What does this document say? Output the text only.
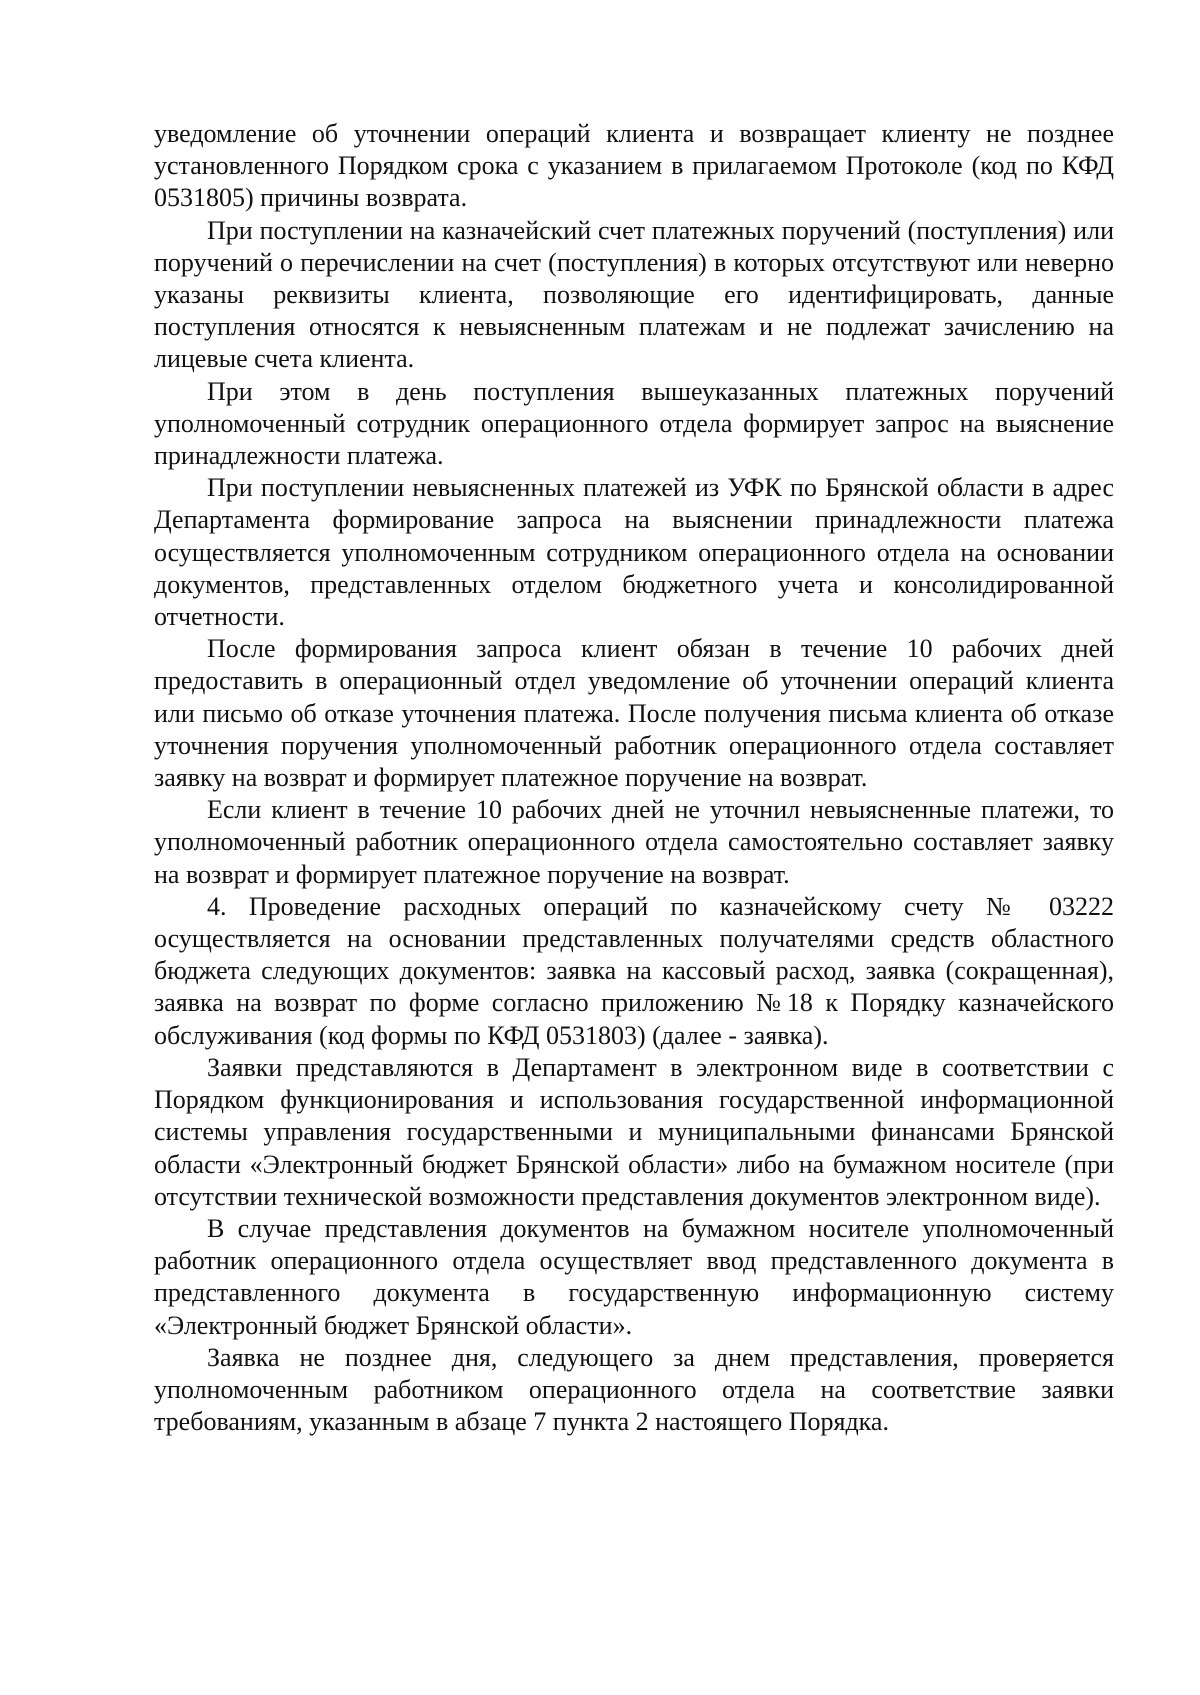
уведомление об уточнении операций клиента и возвращает клиенту не позднее установленного Порядком срока с указанием в прилагаемом Протоколе (код по КФД 0531805) причины возврата.

При поступлении на казначейский счет платежных поручений (поступления) или поручений о перечислении на счет (поступления) в которых отсутствуют или неверно указаны реквизиты клиента, позволяющие его идентифицировать, данные поступления относятся к невыясненным платежам и не подлежат зачислению на лицевые счета клиента.

При этом в день поступления вышеуказанных платежных поручений уполномоченный сотрудник операционного отдела формирует запрос на выяснение принадлежности платежа.

При поступлении невыясненных платежей из УФК по Брянской области в адрес Департамента формирование запроса на выяснении принадлежности платежа осуществляется уполномоченным сотрудником операционного отдела на основании документов, представленных отделом бюджетного учета и консолидированной отчетности.

После формирования запроса клиент обязан в течение 10 рабочих дней предоставить в операционный отдел уведомление об уточнении операций клиента или письмо об отказе уточнения платежа. После получения письма клиента об отказе уточнения поручения уполномоченный работник операционного отдела составляет заявку на возврат и формирует платежное поручение на возврат.

Если клиент в течение 10 рабочих дней не уточнил невыясненные платежи, то уполномоченный работник операционного отдела самостоятельно составляет заявку на возврат и формирует платежное поручение на возврат.

4. Проведение расходных операций по казначейскому счету № 03222 осуществляется на основании представленных получателями средств областного бюджета следующих документов: заявка на кассовый расход, заявка (сокращенная), заявка на возврат по форме согласно приложению №18 к Порядку казначейского обслуживания (код формы по КФД 0531803) (далее - заявка).

Заявки представляются в Департамент в электронном виде в соответствии с Порядком функционирования и использования государственной информационной системы управления государственными и муниципальными финансами Брянской области «Электронный бюджет Брянской области» либо на бумажном носителе (при отсутствии технической возможности представления документов электронном виде).

В случае представления документов на бумажном носителе уполномоченный работник операционного отдела осуществляет ввод представленного документа в представленного документа в государственную информационную систему «Электронный бюджет Брянской области».

Заявка не позднее дня, следующего за днем представления, проверяется уполномоченным работником операционного отдела на соответствие заявки требованиям, указанным в абзаце 7 пункта 2 настоящего Порядка.
